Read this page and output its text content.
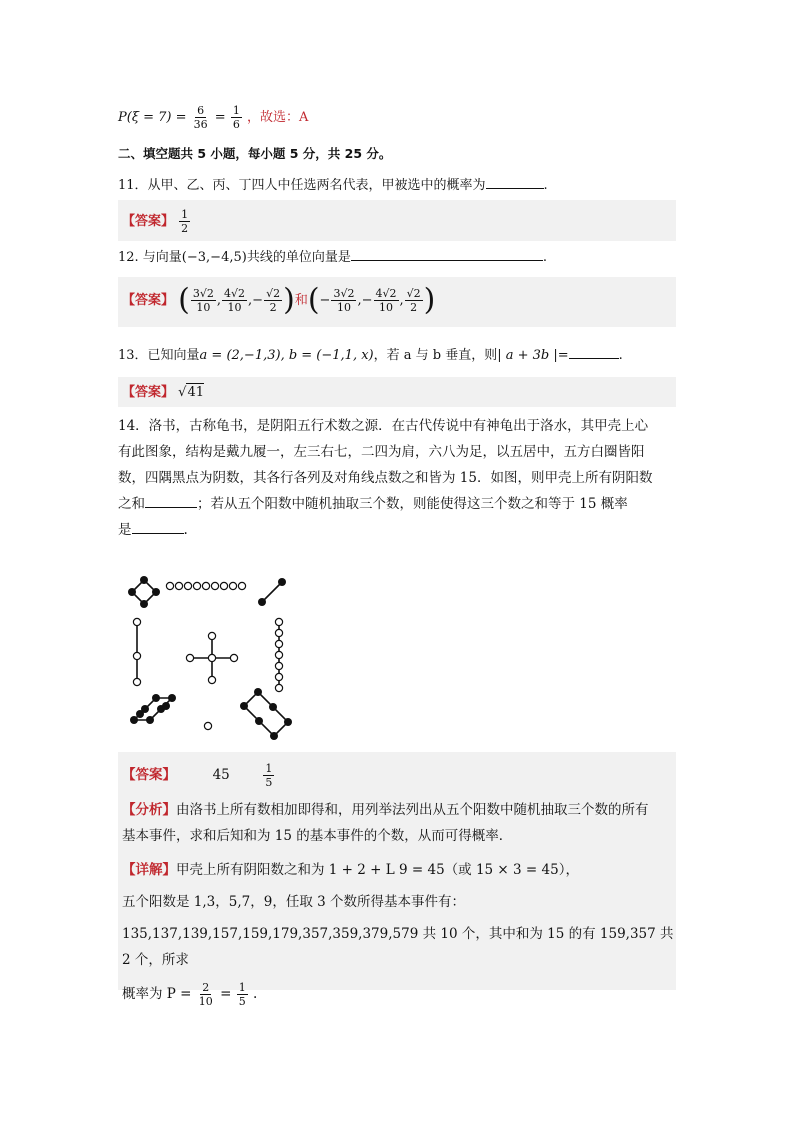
$P(\xi = 7) = \frac{6}{36} = \frac{1}{6}$ ，故选：A
二、填空题共 5 小题，每小题 5 分，共 25 分。
11．从甲、乙、丙、丁四人中任选两名代表，甲被选中的概率为	.
【答案】 $\frac{1}{2}$
12. 与向量(−3,−4,5)共线的单位向量是	.
【答案】 ( $\frac{3√2}{10}$ , $\frac{4√2}{10}$ ,− $\frac{√2}{2}$ )和(− $\frac{3√2}{10}$ ,− $\frac{4√2}{10}$ , $\frac{√2}{2}$ )
13．已知向量a = (2,−1,3), b = (−1,1, x)，若 a 与 b 垂直，则| a + 3b |=	.
【答案】 √41
14．洛书，古称龟书，是阴阳五行术数之源．在古代传说中有神龟出于洛水，其甲壳上心
有此图象，结构是戴九履一，左三右七，二四为肩，六八为足，以五居中，五方白圈皆阳
数，四隅黑点为阴数，其各行各列及对角线点数之和皆为 15．如图，则甲壳上所有阴阳数
之和	；若从五个阳数中随机抽取三个数，则能使得这三个数之和等于 15 概率
是	.
【答案】	45	$\frac{1}{5}$
【分析】由洛书上所有数相加即得和，用列举法列出从五个阳数中随机抽取三个数的所有
基本事件，求和后知和为 15 的基本事件的个数，从而可得概率．
【详解】甲壳上所有阴阳数之和为 1 + 2 + L 9 = 45（或 15 × 3 = 45），
五个阳数是 1,3，5,7，9，任取 3 个数所得基本事件有：
135,137,139,157,159,179,357,359,379,579 共 10 个，其中和为 15 的有 159,357 共 2 个，所求
概率为 $P = \frac{2}{10} = \frac{1}{5}$ .
